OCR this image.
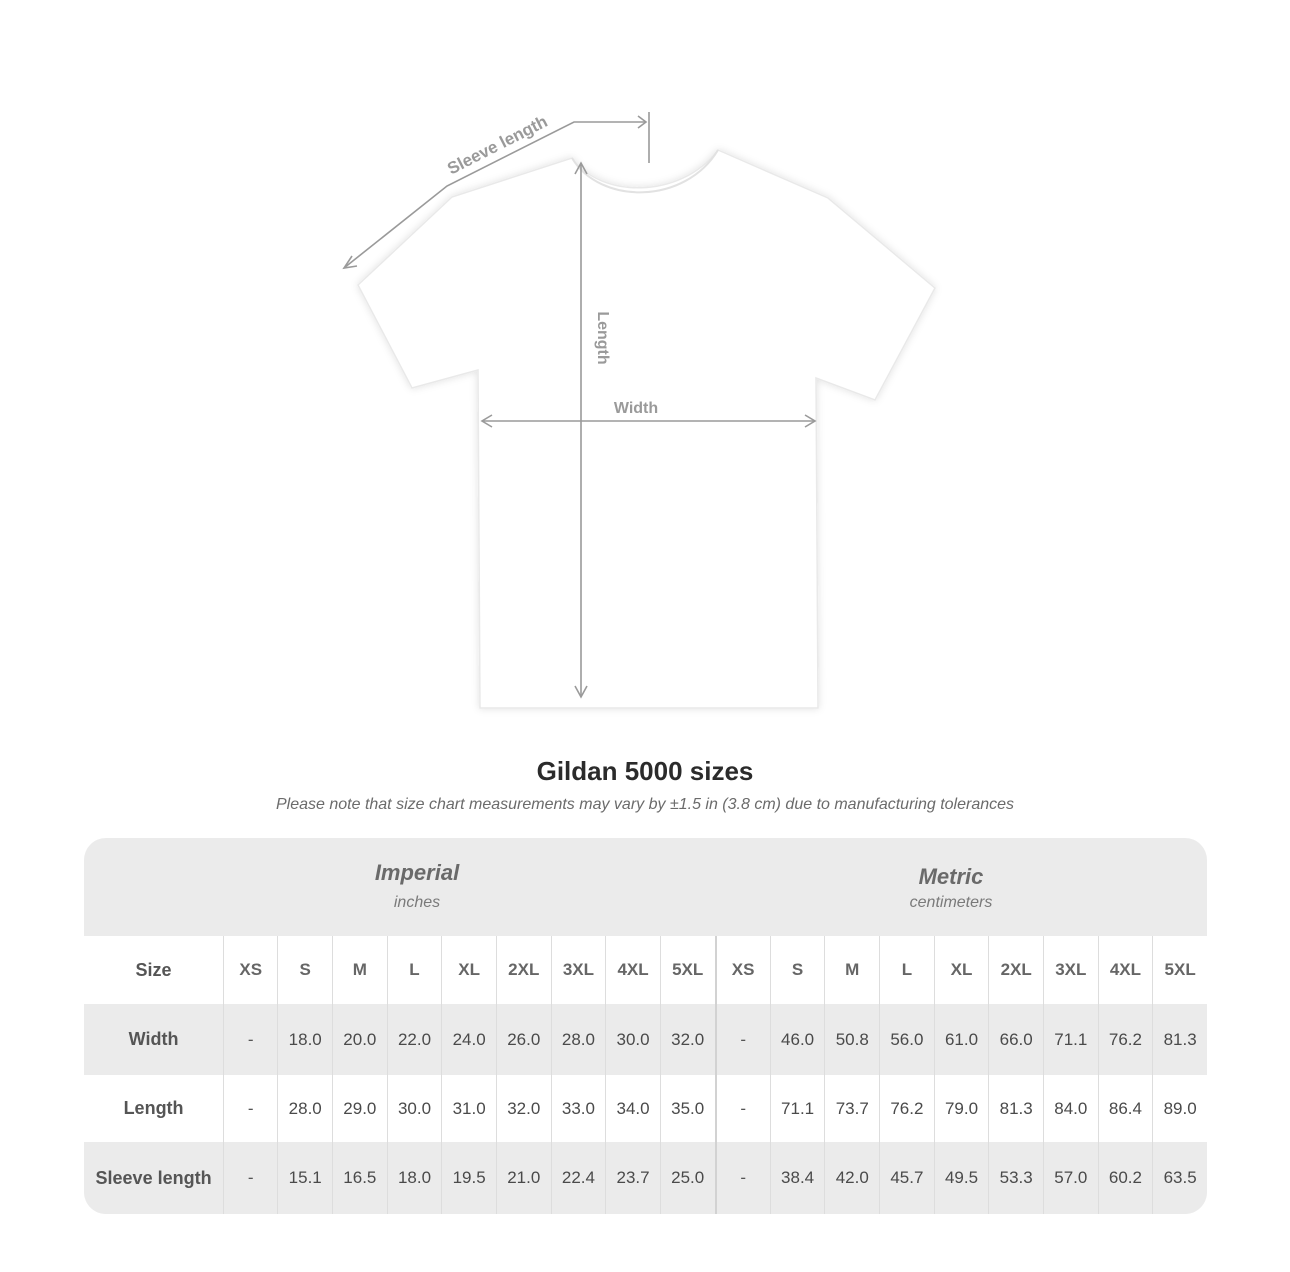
Sleeve length
Length
Width
Gildan 5000 sizes
Please note that size chart measurements may vary by ±1.5 in (3.8 cm) due to manufacturing tolerances
Imperial
inches
Metric
centimeters
Size	XS	S	M	L	XL	2XL	3XL	4XL	5XL	XS	S	M	L	XL	2XL	3XL	4XL	5XL
Width	-	18.0	20.0	22.0	24.0	26.0	28.0	30.0	32.0	-	46.0	50.8	56.0	61.0	66.0	71.1	76.2	81.3
Length	-	28.0	29.0	30.0	31.0	32.0	33.0	34.0	35.0	-	71.1	73.7	76.2	79.0	81.3	84.0	86.4	89.0
Sleeve length	-	15.1	16.5	18.0	19.5	21.0	22.4	23.7	25.0	-	38.4	42.0	45.7	49.5	53.3	57.0	60.2	63.5
